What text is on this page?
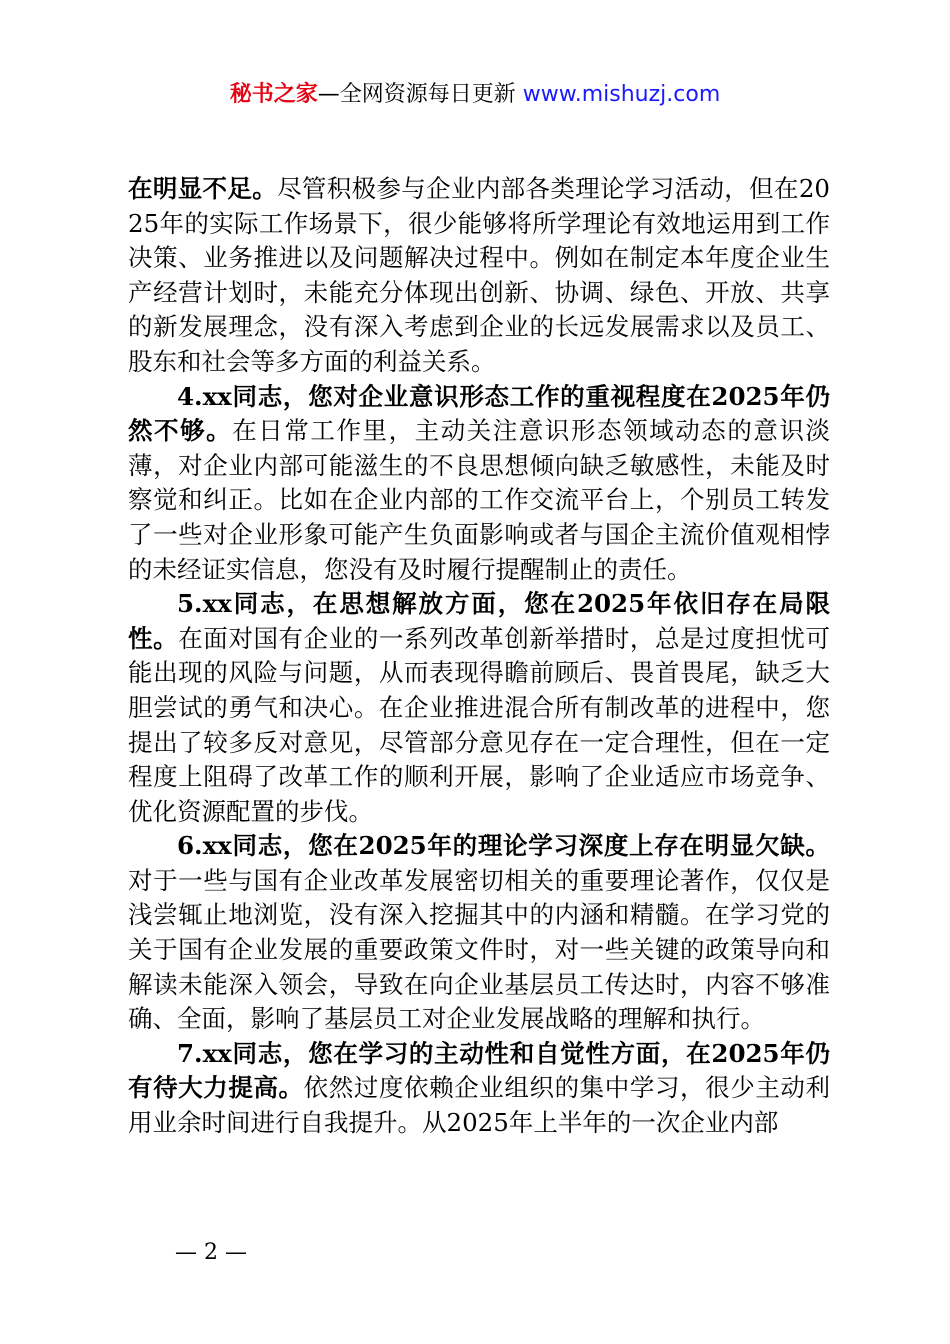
秘书之家—全网资源每日更新 www.mishuzj.com

在明显不足。尽管积极参与企业内部各类理论学习活动，但在2025年的实际工作场景下，很少能够将所学理论有效地运用到工作决策、业务推进以及问题解决过程中。例如在制定本年度企业生产经营计划时，未能充分体现出创新、协调、绿色、开放、共享的新发展理念，没有深入考虑到企业的长远发展需求以及员工、股东和社会等多方面的利益关系。

4.xx同志，您对企业意识形态工作的重视程度在2025年仍然不够。在日常工作里，主动关注意识形态领域动态的意识淡薄，对企业内部可能滋生的不良思想倾向缺乏敏感性，未能及时察觉和纠正。比如在企业内部的工作交流平台上，个别员工转发了一些对企业形象可能产生负面影响或者与国企主流价值观相悖的未经证实信息，您没有及时履行提醒制止的责任。

5.xx同志，在思想解放方面，您在2025年依旧存在局限性。在面对国有企业的一系列改革创新举措时，总是过度担忧可能出现的风险与问题，从而表现得瞻前顾后、畏首畏尾，缺乏大胆尝试的勇气和决心。在企业推进混合所有制改革的进程中，您提出了较多反对意见，尽管部分意见存在一定合理性，但在一定程度上阻碍了改革工作的顺利开展，影响了企业适应市场竞争、优化资源配置的步伐。

6.xx同志，您在2025年的理论学习深度上存在明显欠缺。对于一些与国有企业改革发展密切相关的重要理论著作，仅仅是浅尝辄止地浏览，没有深入挖掘其中的内涵和精髓。在学习党的关于国有企业发展的重要政策文件时，对一些关键的政策导向和解读未能深入领会，导致在向企业基层员工传达时，内容不够准确、全面，影响了基层员工对企业发展战略的理解和执行。

7.xx同志，您在学习的主动性和自觉性方面，在2025年仍有待大力提高。依然过度依赖企业组织的集中学习，很少主动利用业余时间进行自我提升。从2025年上半年的一次企业内部

— 2 —
